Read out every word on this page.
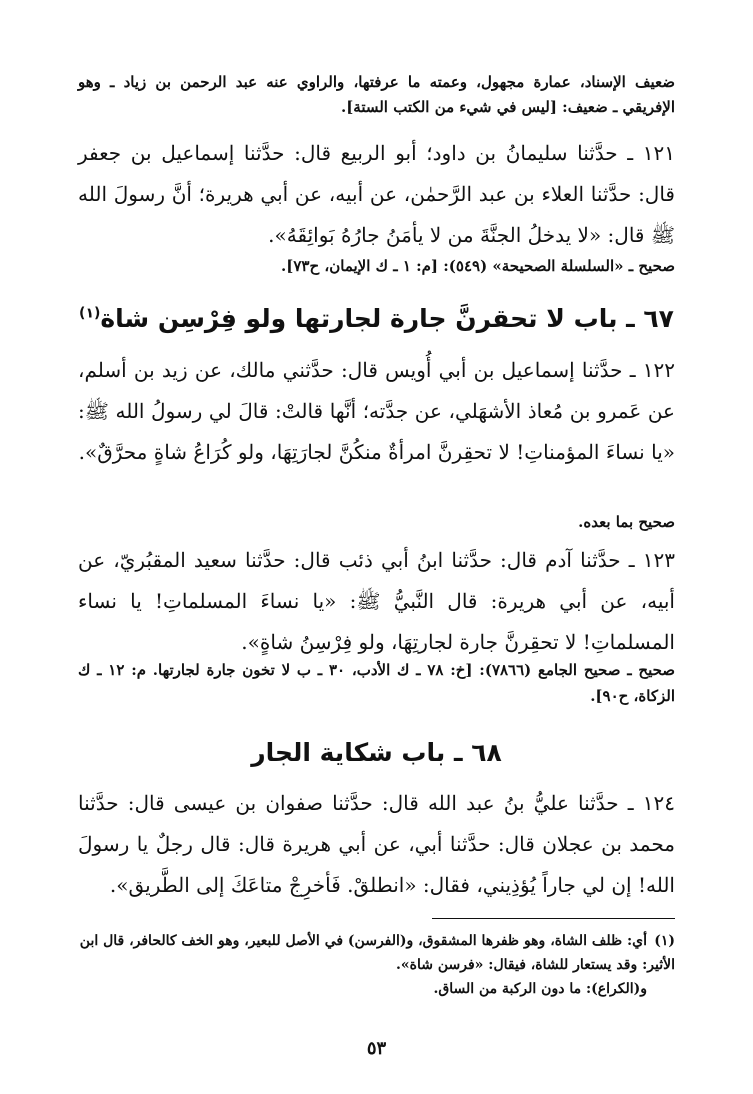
ضعيف الإسناد، عمارة مجهول، وعمته ما عرفتها، والراوي عنه عبد الرحمن بن زياد ـ وهو الإفريقي ـ ضعيف: [ليس في شيء من الكتب الستة].
١٢١ ـ حدَّثنا سليمانُ بن داود؛ أبو الربيع قال: حدَّثنا إسماعيل بن جعفر قال: حدَّثنا العلاء بن عبد الرَّحمٰن، عن أبيه، عن أبي هريرة؛ أنَّ رسولَ الله ﷺ قال: «لا يدخلُ الجنَّةَ من لا يأمَنُ جارُهُ بَوائِقَهُ».
صحيح ـ «السلسلة الصحيحة» (٥٤٩): [م: ١ ـ ك الإيمان، ح٧٣].
٦٧ ـ باب لا تحقرنَّ جارة لجارتها ولو فِرْسِن شاة$^{(١)}$
١٢٢ ـ حدَّثنا إسماعيل بن أبي أُويس قال: حدَّثني مالك، عن زيد بن أسلم، عن عَمرو بن مُعاذ الأشهَلي، عن جدَّته؛ أنَّها قالتْ: قالَ لي رسولُ الله ﷺ: «يا نساءَ المؤمناتِ! لا تحقِرنَّ امرأةٌ منكُنَّ لجارَتِهَا، ولو كُرَاعُ شاةٍ محرَّقٌ».
صحيح بما بعده.
١٢٣ ـ حدَّثنا آدم قال: حدَّثنا ابنُ أبي ذئب قال: حدَّثنا سعيد المقبُريّ، عن أبيه، عن أبي هريرة: قال النَّبيُّ ﷺ: «يا نساءَ المسلماتِ! يا نساء المسلماتِ! لا تحقِرنَّ جارة لجارتِهَا، ولو فِرْسِنُ شاةٍ».
صحيح ـ صحيح الجامع (٧٨٦٦): [خ: ٧٨ ـ ك الأدب، ٣٠ ـ ب لا تخون جارة لجارتها. م: ١٢ ـ ك الزكاة، ح٩٠].
٦٨ ـ باب شكاية الجار
١٢٤ ـ حدَّثنا عليُّ بنُ عبد الله قال: حدَّثنا صفوان بن عيسى قال: حدَّثنا محمد بن عجلان قال: حدَّثنا أبي، عن أبي هريرة قال: قال رجلٌ يا رسولَ الله! إن لي جاراً يُؤذِيني، فقال: «انطلقْ. فَأخرِجْ متاعَكَ إلى الطَّريق».
(١)أي: ظلف الشاة، وهو ظفرها المشقوق، و(الفرسن) في الأصل للبعير، وهو الخف كالحافر، قال ابن الأثير: وقد يستعار للشاة، فيقال: «فرسن شاة».
و(الكراع): ما دون الركبة من الساق.
٥٣
